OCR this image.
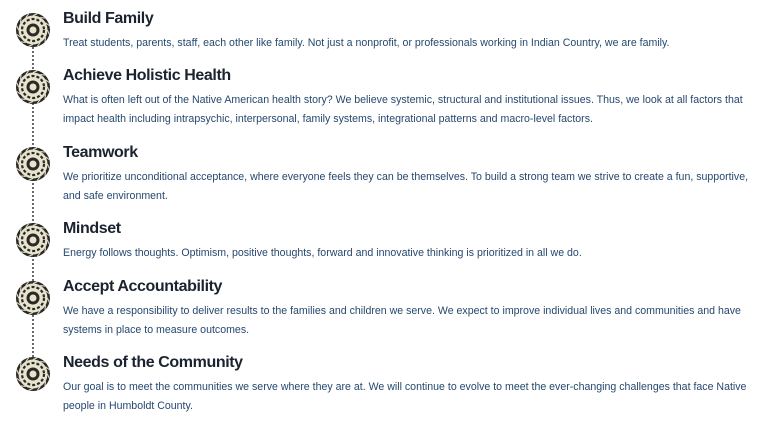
Build Family

Treat students, parents, staff, each other like family. Not just a nonprofit, or professionals working in Indian Country, we are family.

Achieve Holistic Health

What is often left out of the Native American health story? We believe systemic, structural and institutional issues. Thus, we look at all factors that impact health including intrapsychic, interpersonal, family systems, integrational patterns and macro-level factors.

Teamwork

We prioritize unconditional acceptance, where everyone feels they can be themselves. To build a strong team we strive to create a fun, supportive, and safe environment.

Mindset

Energy follows thoughts. Optimism, positive thoughts, forward and innovative thinking is prioritized in all we do.

Accept Accountability

We have a responsibility to deliver results to the families and children we serve. We expect to improve individual lives and communities and have systems in place to measure outcomes.

Needs of the Community

Our goal is to meet the communities we serve where they are at. We will continue to evolve to meet the ever-changing challenges that face Native people in Humboldt County.
